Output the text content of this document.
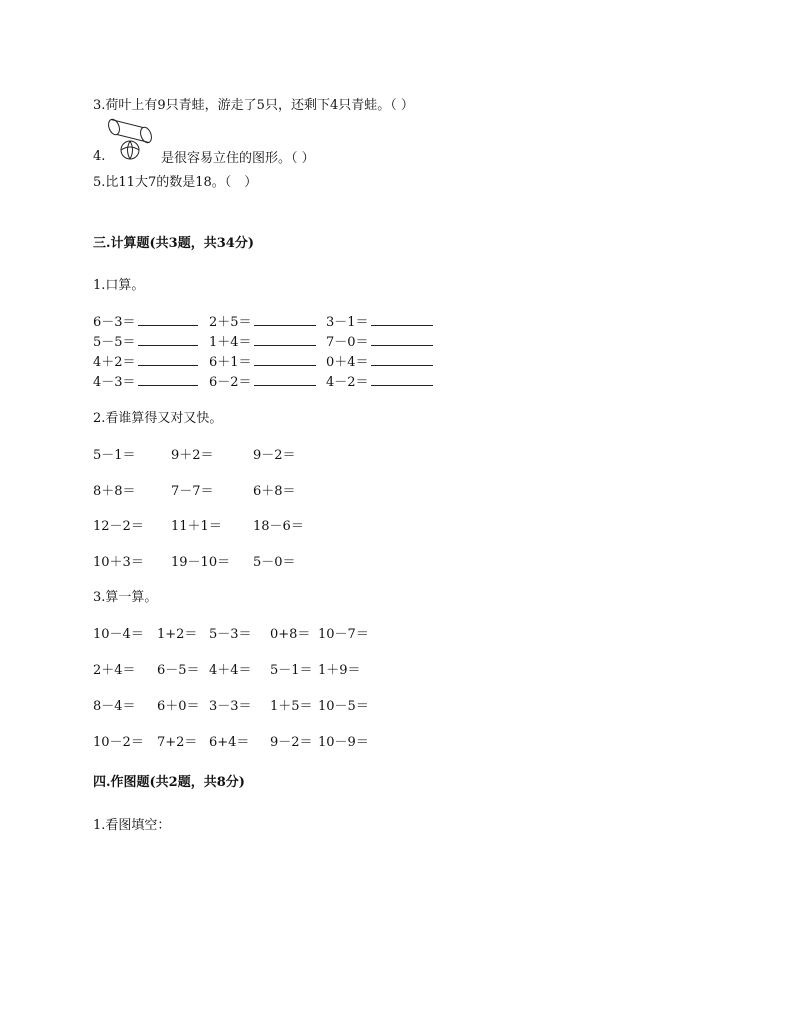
3.荷叶上有9只青蛙，游走了5只，还剩下4只青蛙。（ ）
4.	是很容易立住的图形。（ ）
5.比11大7的数是18。（　）
三.计算题(共3题，共34分)
1.口算。
6－3＝	2＋5＝	3－1＝
5－5＝	1＋4＝	7－0＝
4＋2＝	6＋1＝	0＋4＝
4－3＝	6－2＝	4－2＝
2.看谁算得又对又快。
5－1＝	9＋2＝	9－2＝
8＋8＝	7－7＝	6＋8＝
12－2＝ 11＋1＝ 18－6＝
10＋3＝ 19－10＝ 5－0＝
3.算一算。
10－4＝ 1+2＝ 5－3＝ 0+8＝ 10－7＝
2＋4＝ 6－5＝ 4＋4＝ 5－1＝ 1＋9＝
8－4＝ 6＋0＝ 3－3＝ 1＋5＝ 10－5＝
10－2＝ 7+2＝ 6+4＝ 9－2＝ 10－9＝
四.作图题(共2题，共8分)
1.看图填空：
